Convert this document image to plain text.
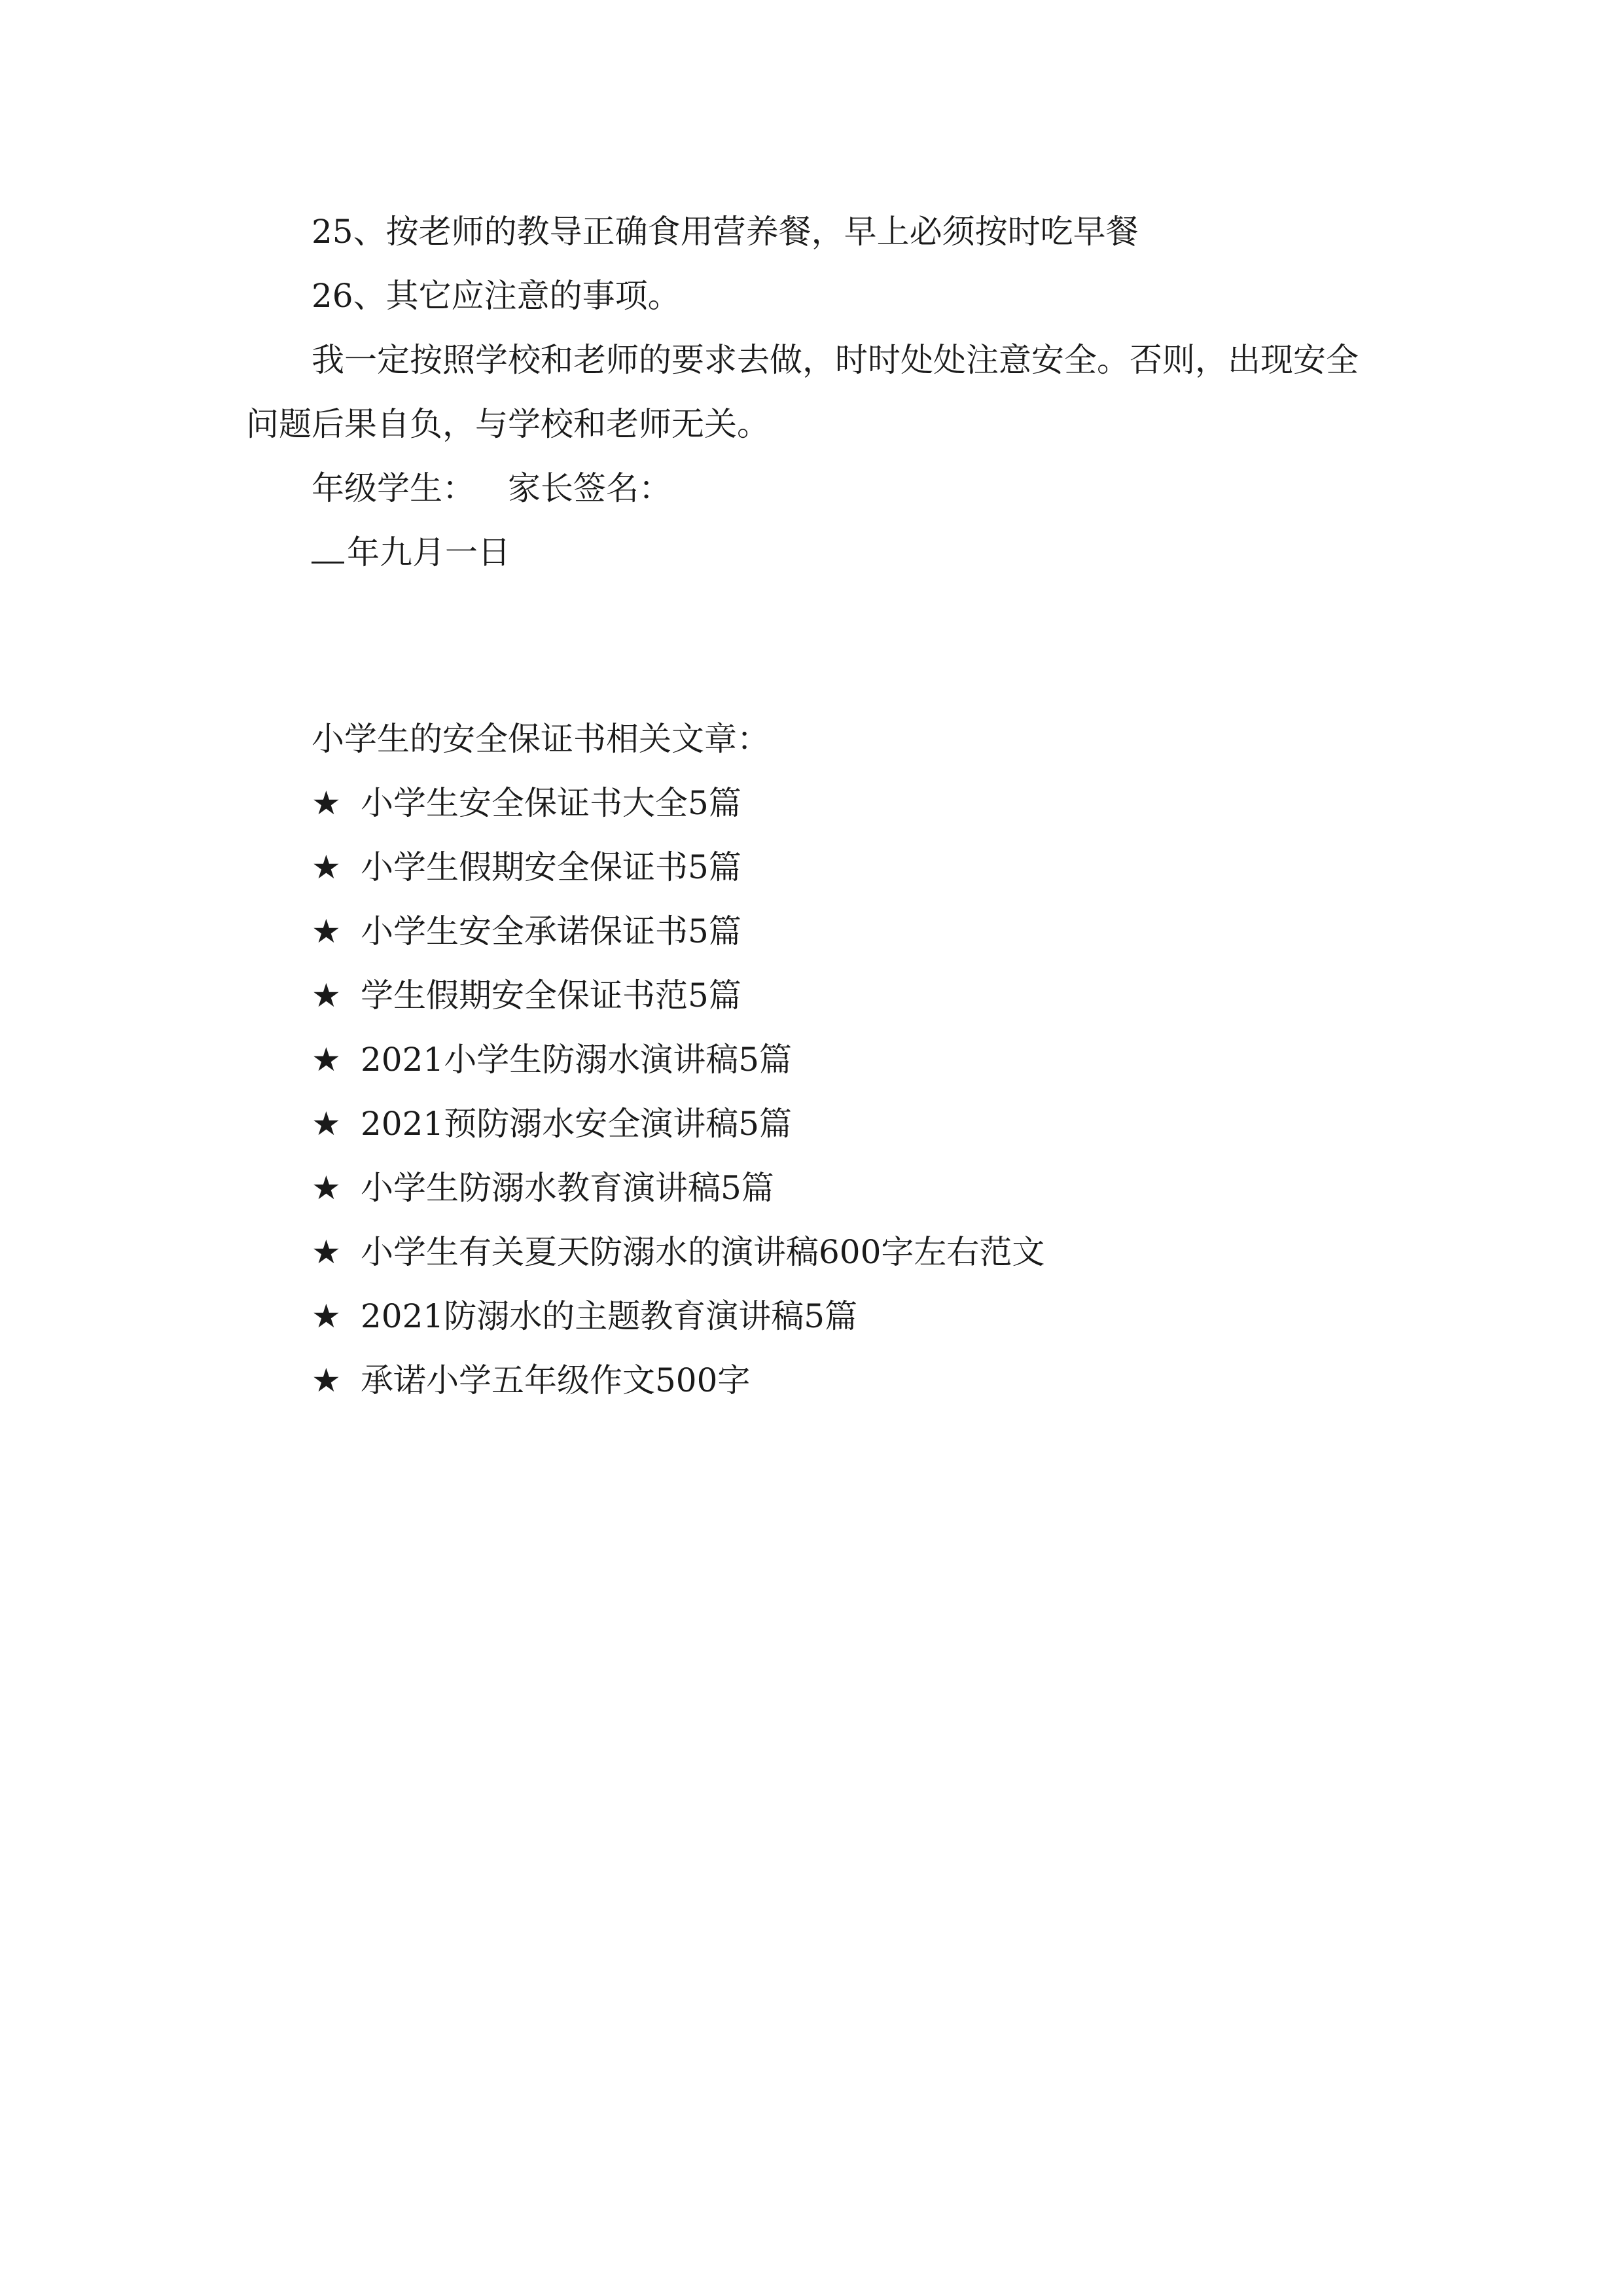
25、按老师的教导正确食用营养餐，早上必须按时吃早餐

26、其它应注意的事项。

我一定按照学校和老师的要求去做，时时处处注意安全。否则，出现安全问题后果自负，与学校和老师无关。

年级学生： 家长签名：

年九月一日

小学生的安全保证书相关文章：

★ 小学生安全保证书大全5篇
★ 小学生假期安全保证书5篇
★ 小学生安全承诺保证书5篇
★ 学生假期安全保证书范5篇
★ 2021小学生防溺水演讲稿5篇
★ 2021预防溺水安全演讲稿5篇
★ 小学生防溺水教育演讲稿5篇
★ 小学生有关夏天防溺水的演讲稿600字左右范文
★ 2021防溺水的主题教育演讲稿5篇
★ 承诺小学五年级作文500字
